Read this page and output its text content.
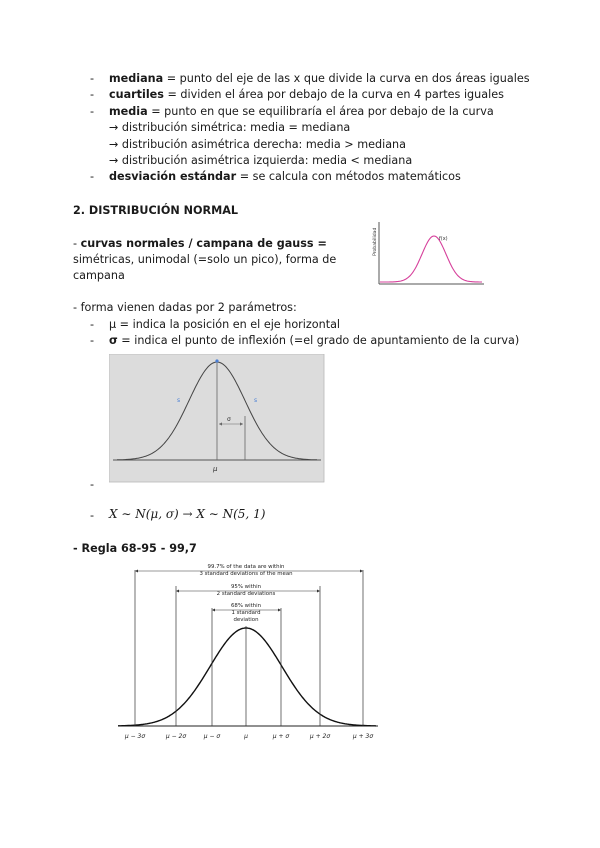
- mediana = punto del eje de las x que divide la curva en dos áreas iguales
- cuartiles = dividen el área por debajo de la curva en 4 partes iguales
- media = punto en que se equilibraría el área por debajo de la curva
→ distribución simétrica: media = mediana
→ distribución asimétrica derecha: media > mediana
→ distribución asimétrica izquierda: media < mediana
- desviación estándar = se calcula con métodos matemáticos
2. DISTRIBUCIÓN NORMAL
- curvas normales / campana de gauss =
simétricas, unimodal (=solo un pico), forma de
campana
Probabilidad	f(x)
- forma vienen dadas por 2 parámetros:
- μ = indica la posición en el eje horizontal
- σ = indica el punto de inflexión (=el grado de apuntamiento de la curva)
σ
μ
s	s
-
- X ∼ N(μ, σ) → X ∼ N(5, 1)
- Regla 68-95 - 99,7
99.7% of the data are within
3 standard deviations of the mean
95% within
2 standard deviations
68% within
1 standard
deviation
μ − 3σ	μ − 2σ	μ − σ	μ	μ + σ	μ + 2σ	μ + 3σ
